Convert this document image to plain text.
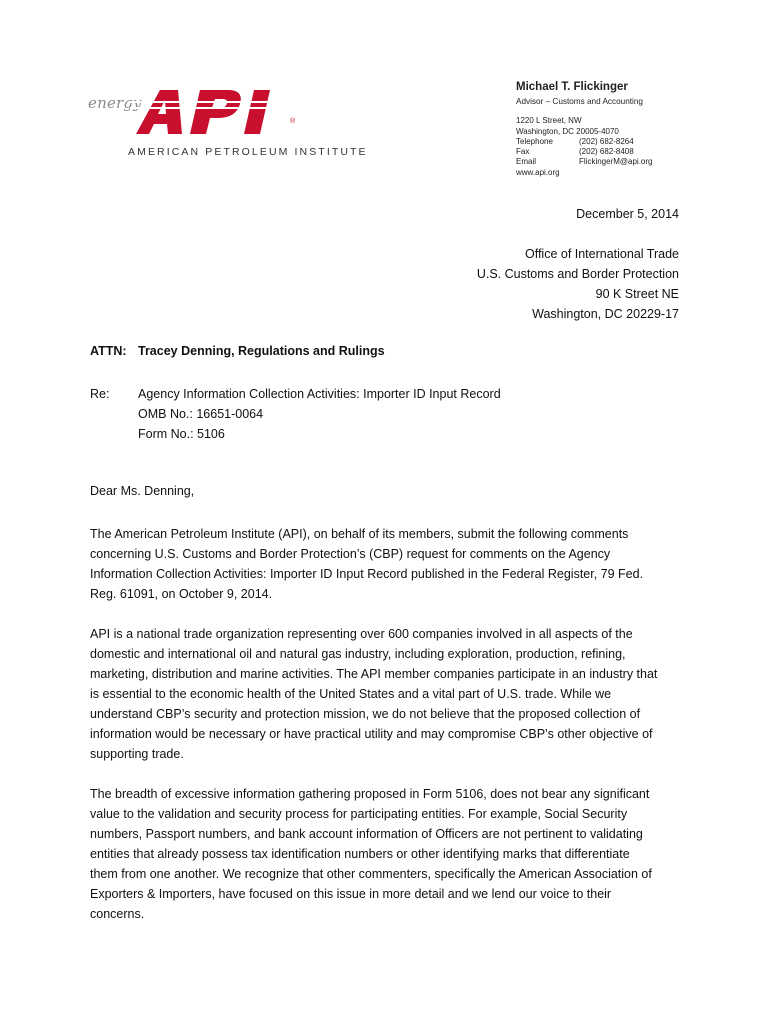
energy
®
AMERICAN PETROLEUM INSTITUTE
Michael T. Flickinger
Advisor – Customs and Accounting
1220 L Street, NW
Washington, DC 20005-4070
Telephone	(202) 682-8264
Fax	(202) 682-8408
Email	FlickingerM@api.org
www.api.org
December 5, 2014
Office of International Trade
U.S. Customs and Border Protection
90 K Street NE
Washington, DC 20229-17
ATTN: Tracey Denning, Regulations and Rulings
Re: Agency Information Collection Activities: Importer ID Input Record
OMB No.: 16651-0064
Form No.: 5106
Dear Ms. Denning,
The American Petroleum Institute (API), on behalf of its members, submit the following comments
concerning U.S. Customs and Border Protection’s (CBP) request for comments on the Agency
Information Collection Activities: Importer ID Input Record published in the Federal Register, 79 Fed.
Reg. 61091, on October 9, 2014.
API is a national trade organization representing over 600 companies involved in all aspects of the
domestic and international oil and natural gas industry, including exploration, production, refining,
marketing, distribution and marine activities. The API member companies participate in an industry that
is essential to the economic health of the United States and a vital part of U.S. trade. While we
understand CBP’s security and protection mission, we do not believe that the proposed collection of
information would be necessary or have practical utility and may compromise CBP’s other objective of
supporting trade.
The breadth of excessive information gathering proposed in Form 5106, does not bear any significant
value to the validation and security process for participating entities. For example, Social Security
numbers, Passport numbers, and bank account information of Officers are not pertinent to validating
entities that already possess tax identification numbers or other identifying marks that differentiate
them from one another. We recognize that other commenters, specifically the American Association of
Exporters & Importers, have focused on this issue in more detail and we lend our voice to their
concerns.
